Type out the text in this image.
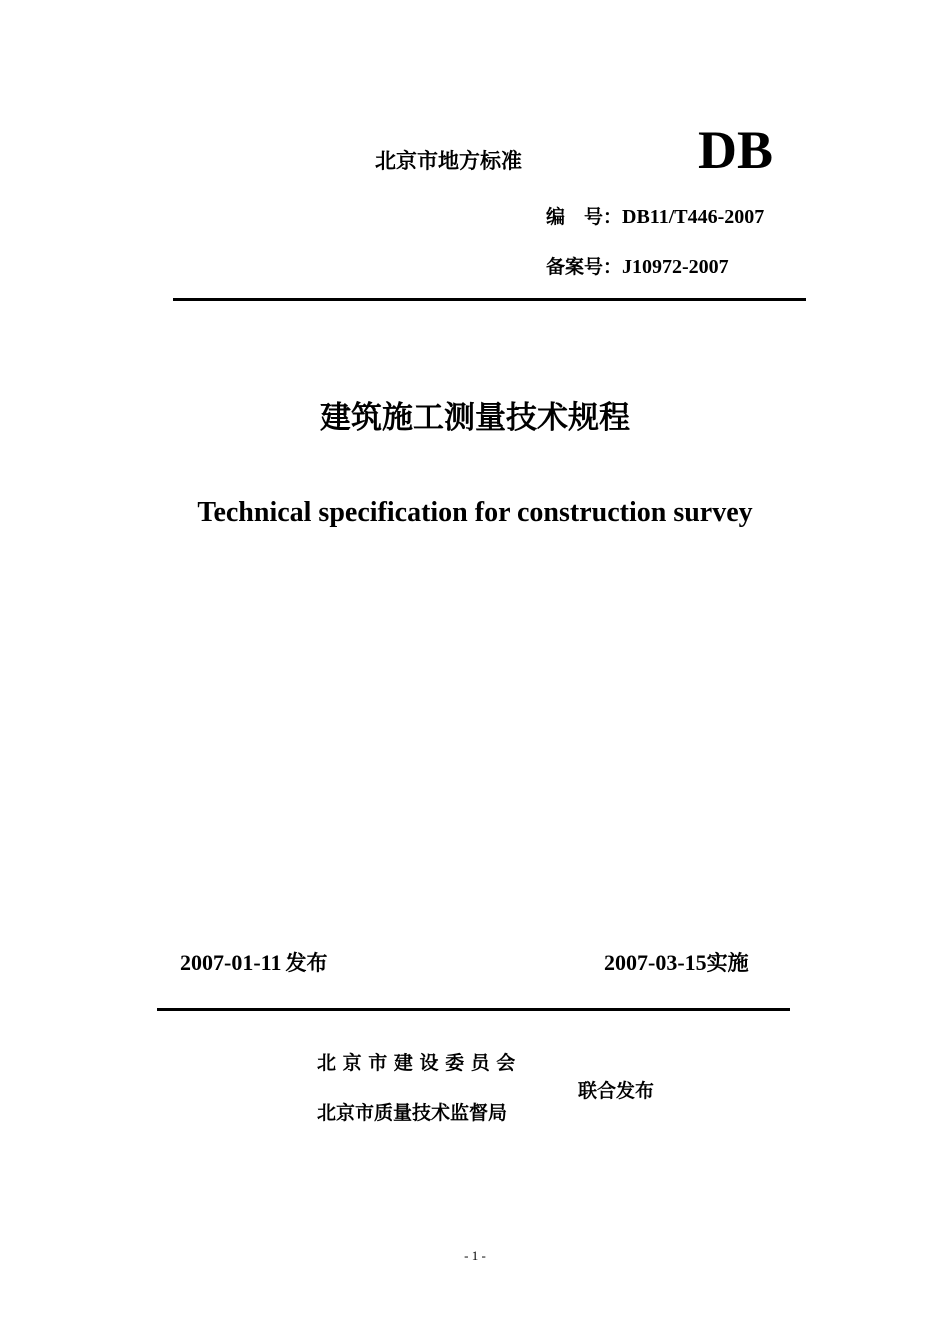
北京市地方标准	DB
编　号：DB11/T446-2007
备案号：J10972-2007
建筑施工测量技术规程
Technical specification for construction survey
2007-01-11 发布	2007-03-15实施
北 京 市 建 设 委 员 会
北京市质量技术监督局
联合发布
- 1 -
